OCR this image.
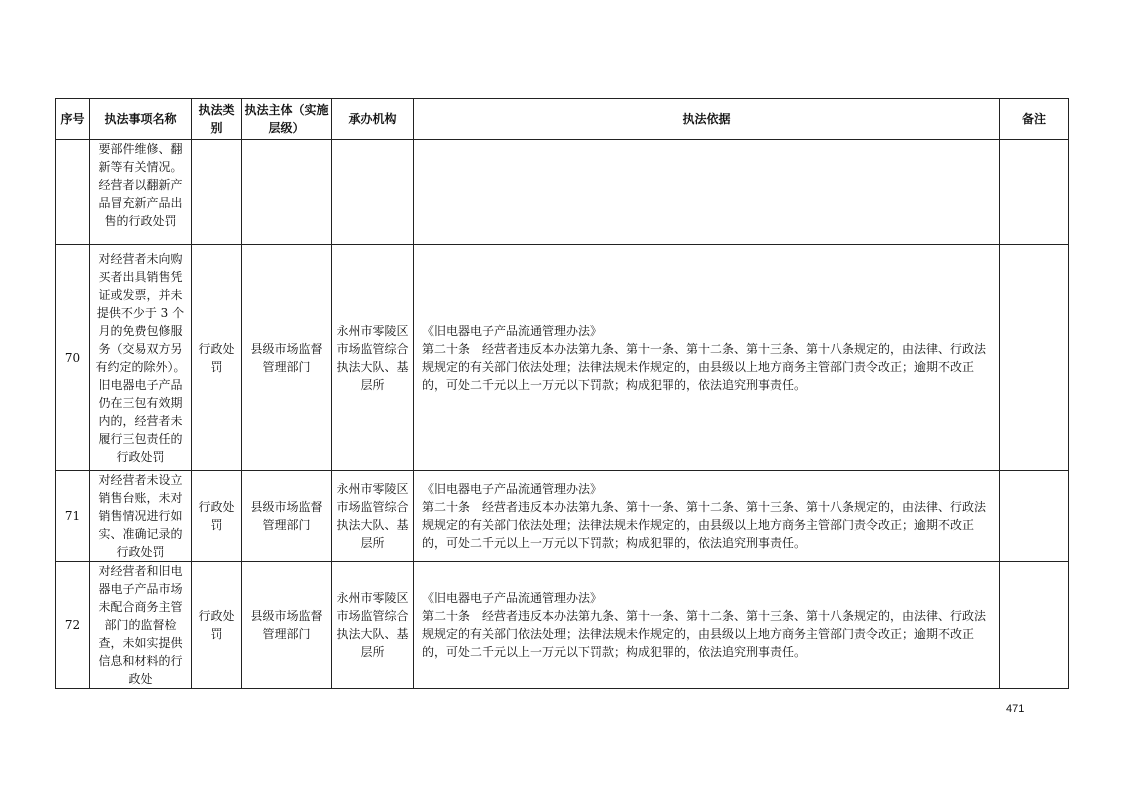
序号	执法事项名称	执法类别	执法主体（实施层级）	承办机构	执法依据	备注
	要部件维修、翻新等有关情况。经营者以翻新产品冒充新产品出售的行政处罚				

70	对经营者未向购买者出具销售凭证或发票，并未提供不少于 3 个月的免费包修服务（交易双方另有约定的除外）。旧电器电子产品仍在三包有效期内的，经营者未履行三包责任的行政处罚	行政处罚	县级市场监督管理部门	永州市零陵区市场监管综合执法大队、基层所	《旧电器电子产品流通管理办法》
第二十条　经营者违反本办法第九条、第十一条、第十二条、第十三条、第十八条规定的，由法律、行政法规规定的有关部门依法处理；法律法规未作规定的，由县级以上地方商务主管部门责令改正；逾期不改正的，可处二千元以上一万元以下罚款；构成犯罪的，依法追究刑事责任。	

71	对经营者未设立销售台账，未对销售情况进行如实、准确记录的行政处罚	行政处罚	县级市场监督管理部门	永州市零陵区市场监管综合执法大队、基层所	《旧电器电子产品流通管理办法》
第二十条　经营者违反本办法第九条、第十一条、第十二条、第十三条、第十八条规定的，由法律、行政法规规定的有关部门依法处理；法律法规未作规定的，由县级以上地方商务主管部门责令改正；逾期不改正的，可处二千元以上一万元以下罚款；构成犯罪的，依法追究刑事责任。	

72	对经营者和旧电器电子产品市场未配合商务主管部门的监督检查，未如实提供信息和材料的行政处	行政处罚	县级市场监督管理部门	永州市零陵区市场监管综合执法大队、基层所	《旧电器电子产品流通管理办法》
第二十条　经营者违反本办法第九条、第十一条、第十二条、第十三条、第十八条规定的，由法律、行政法规规定的有关部门依法处理；法律法规未作规定的，由县级以上地方商务主管部门责令改正；逾期不改正的，可处二千元以上一万元以下罚款；构成犯罪的，依法追究刑事责任。	

471
